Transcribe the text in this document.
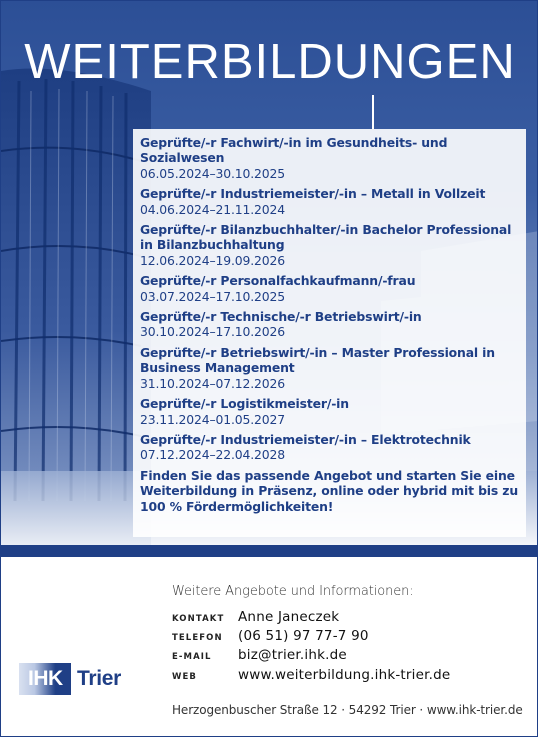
WEITERBILDUNGEN
Geprüfte/-r Fachwirt/-in im Gesundheits- und Sozialwesen
06.05.2024–30.10.2025
Geprüfte/-r Industriemeister/-in – Metall in Vollzeit
04.06.2024–21.11.2024
Geprüfte/-r Bilanzbuchhalter/-in Bachelor Professional in Bilanzbuchhaltung
12.06.2024–19.09.2026
Geprüfte/-r Personalfachkaufmann/-frau
03.07.2024–17.10.2025
Geprüfte/-r Technische/-r Betriebswirt/-in
30.10.2024–17.10.2026
Geprüfte/-r Betriebswirt/-in – Master Professional in Business Management
31.10.2024–07.12.2026
Geprüfte/-r Logistikmeister/-in
23.11.2024–01.05.2027
Geprüfte/-r Industriemeister/-in – Elektrotechnik
07.12.2024–22.04.2028
Finden Sie das passende Angebot und starten Sie eine Weiterbildung in Präsenz, online oder hybrid mit bis zu 100 % Fördermöglichkeiten!
Weitere Angebote und Informationen:
KONTAKT	Anne Janeczek
TELEFON	(06 51) 97 77-7 90
E-MAIL	biz@trier.ihk.de
WEB	www.weiterbildung.ihk-trier.de
IHK Trier
Herzogenbuscher Straße 12 · 54292 Trier · www.ihk-trier.de
